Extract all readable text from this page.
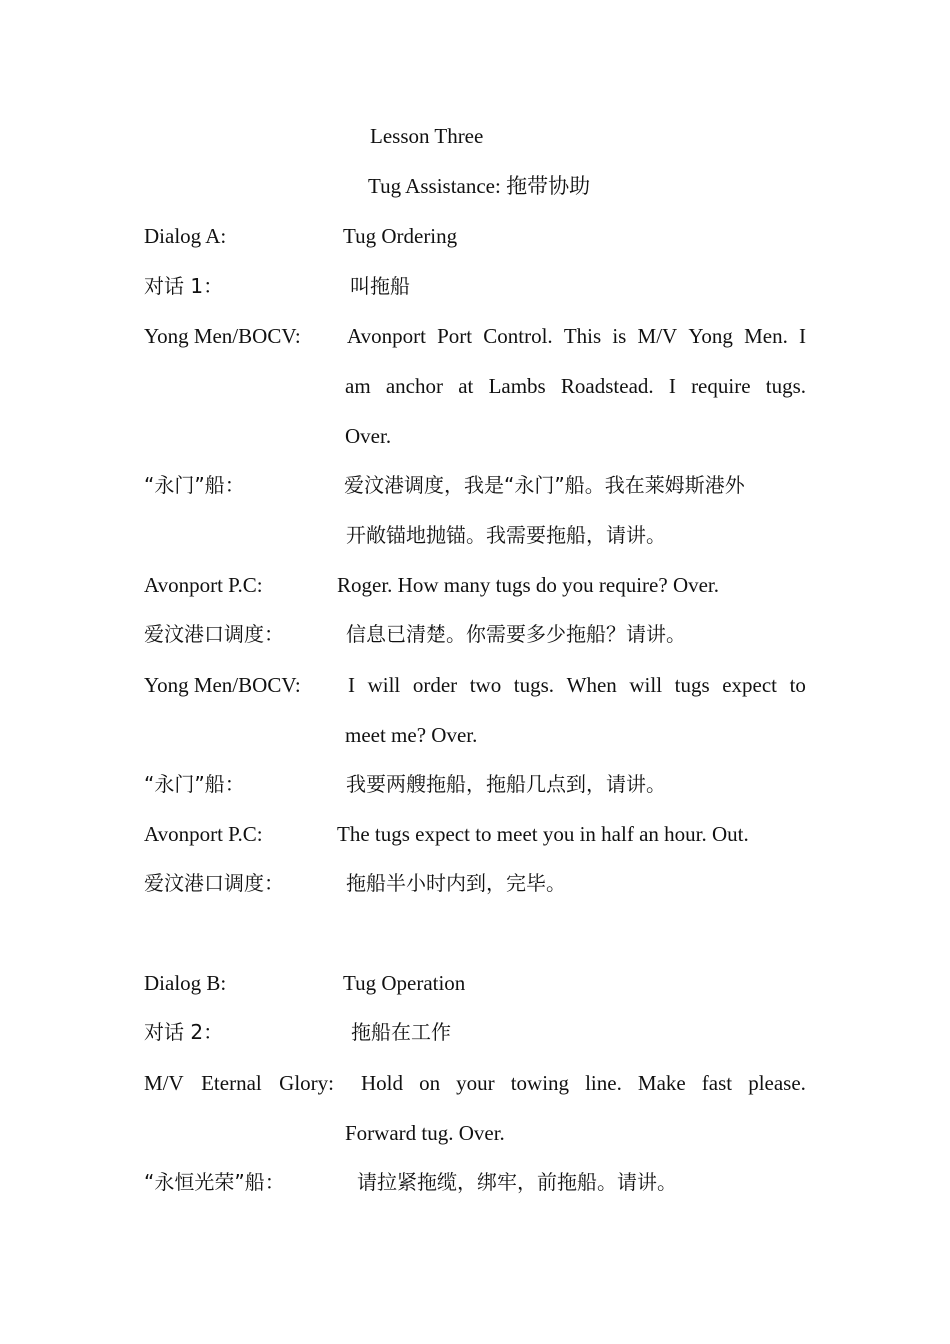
Lesson Three
Tug Assistance: 拖带协助
Dialog A:	Tug Ordering
对话 1：	叫拖船
Yong Men/BOCV: Avonport Port Control. This is M/V Yong Men. I
am anchor at Lambs Roadstead. I require tugs.
Over.
“永门”船：	爱汶港调度，我是“永门”船。我在莱姆斯港外
开敞锚地抛锚。我需要拖船，请讲。
Avonport P.C:	Roger. How many tugs do you require? Over.
爱汶港口调度：	信息已清楚。你需要多少拖船？请讲。
Yong Men/BOCV: I will order two tugs. When will tugs expect to
meet me? Over.
“永门”船：	我要两艘拖船，拖船几点到，请讲。
Avonport P.C:	The tugs expect to meet you in half an hour. Out.
爱汶港口调度：	拖船半小时内到，完毕。
Dialog B:	Tug Operation
对话 2：	拖船在工作
M/V Eternal Glory: Hold on your towing line. Make fast please.
Forward tug. Over.
“永恒光荣”船：	请拉紧拖缆，绑牢，前拖船。请讲。
